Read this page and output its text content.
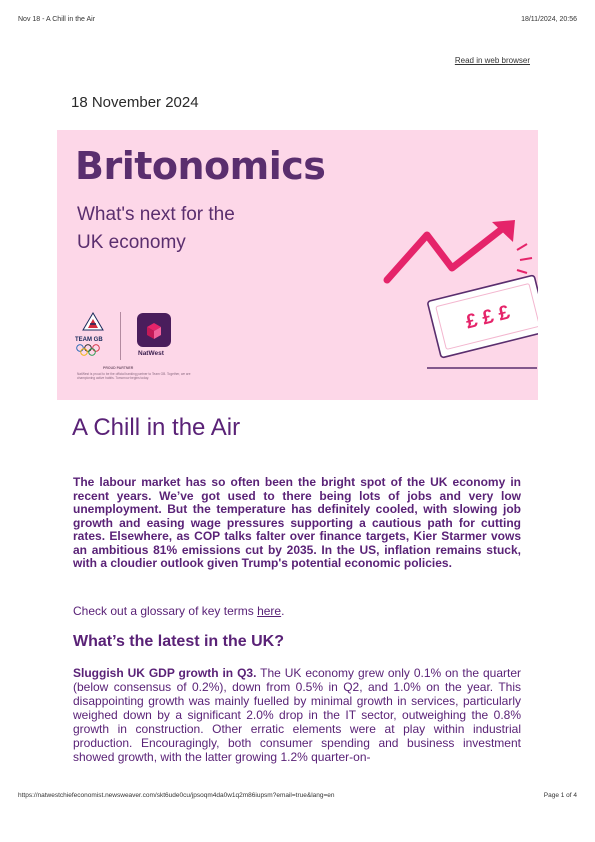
Nov 18 - A Chill in the Air	18/11/2024, 20:56
Read in web browser
18 November 2024
Britonomics
What's next for the
UK economy
TEAM GB
NatWest
PROUD PARTNER
NatWest is proud to be the official banking partner to Team GB. Together, we are championing active habits. Tomorrow begins today.
£ £ £
A Chill in the Air
The labour market has so often been the bright spot of the UK economy in recent years. We’ve got used to there being lots of jobs and very low unemployment. But the temperature has definitely cooled, with slowing job growth and easing wage pressures supporting a cautious path for cutting rates. Elsewhere, as COP talks falter over finance targets, Kier Starmer vows an ambitious 81% emissions cut by 2035. In the US, inflation remains stuck, with a cloudier outlook given Trump's potential economic policies.
Check out a glossary of key terms here.
What’s the latest in the UK?
Sluggish UK GDP growth in Q3. The UK economy grew only 0.1% on the quarter (below consensus of 0.2%), down from 0.5% in Q2, and 1.0% on the year. This disappointing growth was mainly fuelled by minimal growth in services, particularly weighed down by a significant 2.0% drop in the IT sector, outweighing the 0.8% growth in construction. Other erratic elements were at play within industrial production. Encouragingly, both consumer spending and business investment showed growth, with the latter growing 1.2% quarter-on-
https://natwestchiefeconomist.newsweaver.com/skt6ude0cu/jpsoqm4da0w1q2m86iupsm?email=true&lang=en	Page 1 of 4
